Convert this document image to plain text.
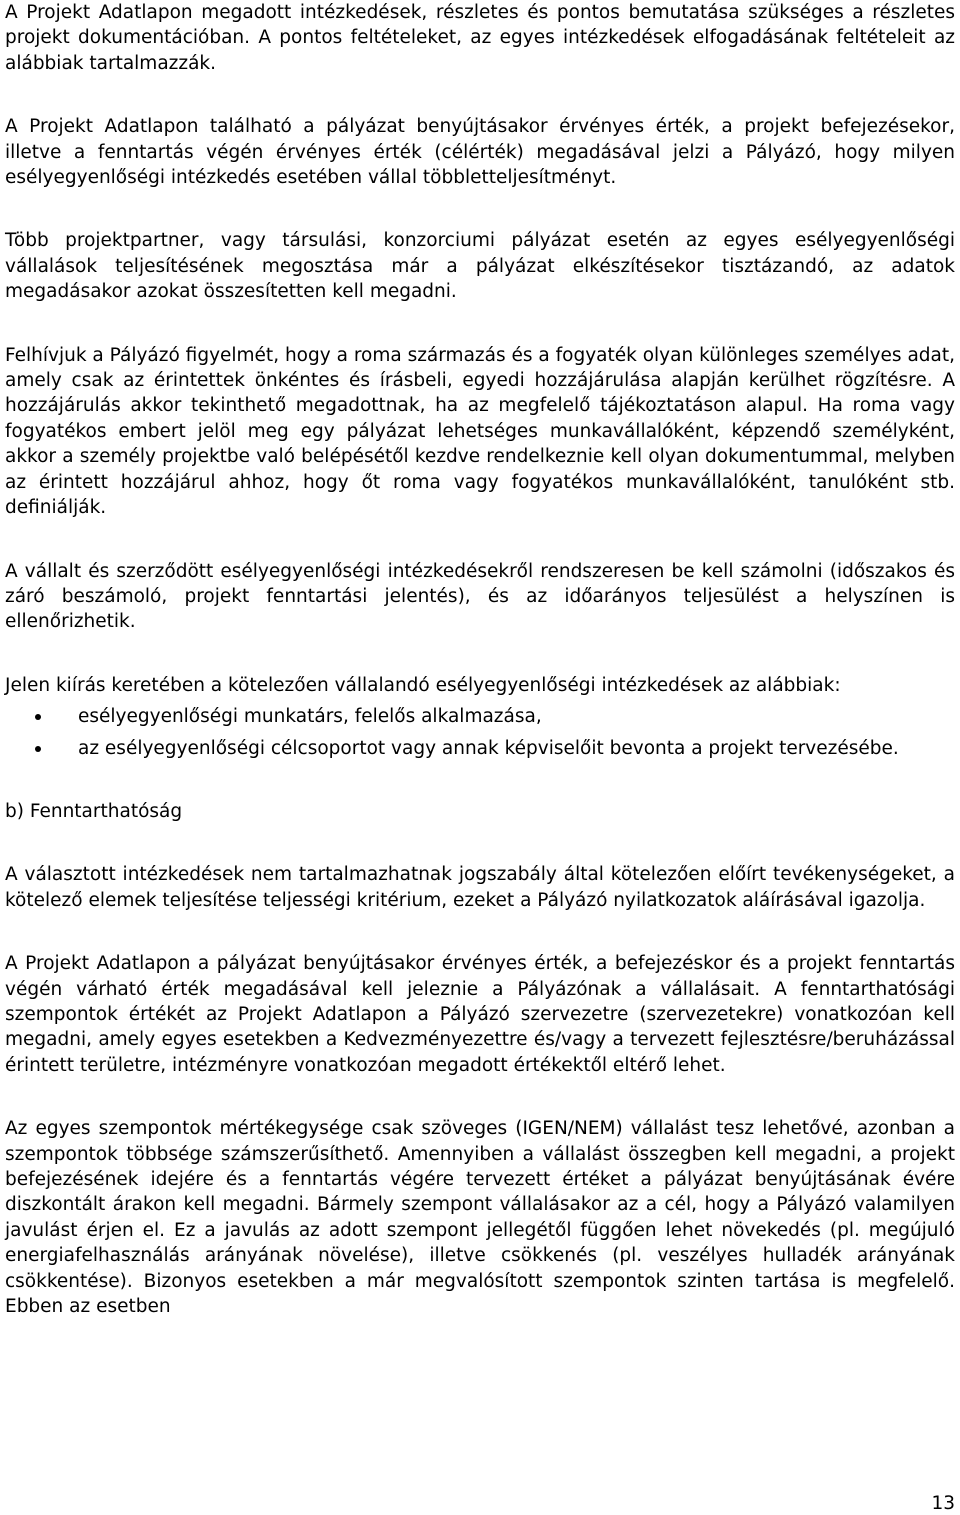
A Projekt Adatlapon megadott intézkedések, részletes és pontos bemutatása szükséges a részletes projekt dokumentációban. A pontos feltételeket, az egyes intézkedések elfogadásának feltételeit az alábbiak tartalmazzák.

A Projekt Adatlapon található a pályázat benyújtásakor érvényes érték, a projekt befejezésekor, illetve a fenntartás végén érvényes érték (célérték) megadásával jelzi a Pályázó, hogy milyen esélyegyenlőségi intézkedés esetében vállal többletteljesítményt.

Több projektpartner, vagy társulási, konzorciumi pályázat esetén az egyes esélyegyenlőségi vállalások teljesítésének megosztása már a pályázat elkészítésekor tisztázandó, az adatok megadásakor azokat összesítetten kell megadni.

Felhívjuk a Pályázó figyelmét, hogy a roma származás és a fogyaték olyan különleges személyes adat, amely csak az érintettek önkéntes és írásbeli, egyedi hozzájárulása alapján kerülhet rögzítésre. A hozzájárulás akkor tekinthető megadottnak, ha az megfelelő tájékoztatáson alapul. Ha roma vagy fogyatékos embert jelöl meg egy pályázat lehetséges munkavállalóként, képzendő személyként, akkor a személy projektbe való belépésétől kezdve rendelkeznie kell olyan dokumentummal, melyben az érintett hozzájárul ahhoz, hogy őt roma vagy fogyatékos munkavállalóként, tanulóként stb. definiálják.

A vállalt és szerződött esélyegyenlőségi intézkedésekről rendszeresen be kell számolni (időszakos és záró beszámoló, projekt fenntartási jelentés), és az időarányos teljesülést a helyszínen is ellenőrizhetik.

Jelen kiírás keretében a kötelezően vállalandó esélyegyenlőségi intézkedések az alábbiak:

esélyegyenlőségi munkatárs, felelős alkalmazása,
az esélyegyenlőségi célcsoportot vagy annak képviselőit bevonta a projekt tervezésébe.

b) Fenntarthatóság

A választott intézkedések nem tartalmazhatnak jogszabály által kötelezően előírt tevékenységeket, a kötelező elemek teljesítése teljességi kritérium, ezeket a Pályázó nyilatkozatok aláírásával igazolja.

A Projekt Adatlapon a pályázat benyújtásakor érvényes érték, a befejezéskor és a projekt fenntartás végén várható érték megadásával kell jeleznie a Pályázónak a vállalásait. A fenntarthatósági szempontok értékét az Projekt Adatlapon a Pályázó szervezetre (szervezetekre) vonatkozóan kell megadni, amely egyes esetekben a Kedvezményezettre és/vagy a tervezett fejlesztésre/beruházással érintett területre, intézményre vonatkozóan megadott értékektől eltérő lehet.

Az egyes szempontok mértékegysége csak szöveges (IGEN/NEM) vállalást tesz lehetővé, azonban a szempontok többsége számszerűsíthető. Amennyiben a vállalást összegben kell megadni, a projekt befejezésének idejére és a fenntartás végére tervezett értéket a pályázat benyújtásának évére diszkontált árakon kell megadni. Bármely szempont vállalásakor az a cél, hogy a Pályázó valamilyen javulást érjen el. Ez a javulás az adott szempont jellegétől függően lehet növekedés (pl. megújuló energiafelhasználás arányának növelése), illetve csökkenés (pl. veszélyes hulladék arányának csökkentése). Bizonyos esetekben a már megvalósított szempontok szinten tartása is megfelelő. Ebben az esetben

13
